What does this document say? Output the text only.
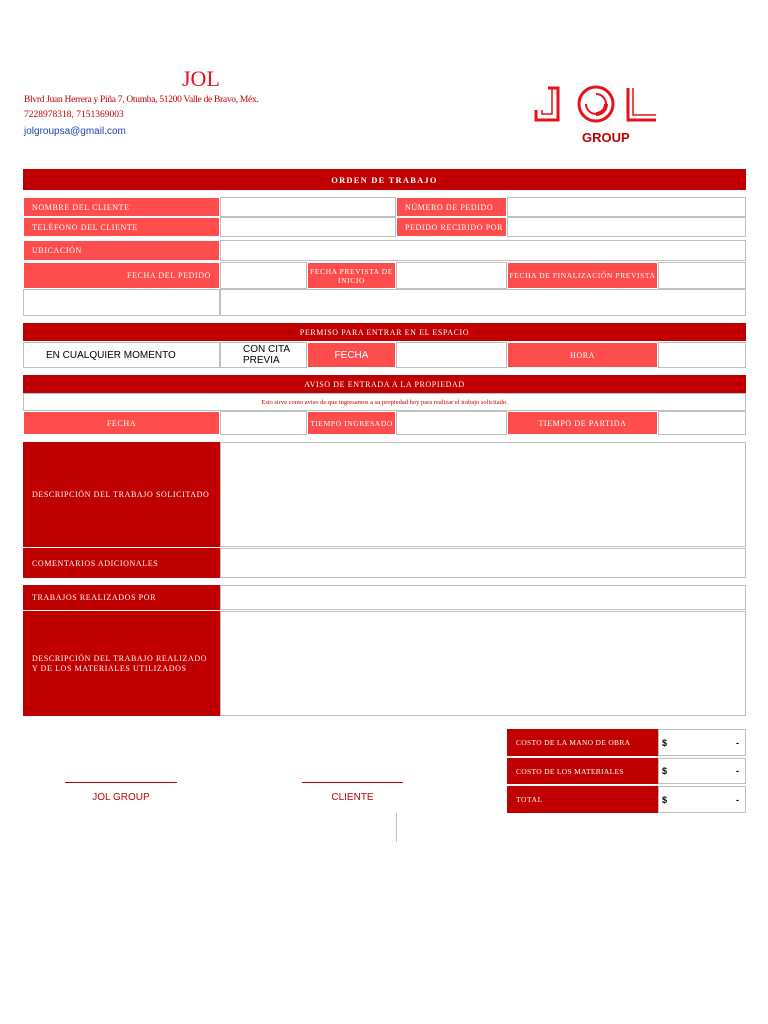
JOL
Blvrd Juan Herrera y Piña 7, Otumba, 51200 Valle de Bravo, Méx.
7228978318, 7151369003
jolgroupsa@gmail.com	GROUP
ORDEN DE TRABAJO
NOMBRE DEL CLIENTE	NÚMERO DE PEDIDO
TELÉFONO DEL CLIENTE	PEDIDO RECIBIDO POR
UBICACIÓN
FECHA DEL PEDIDO	FECHA PREVISTA DE INICIO	FECHA DE FINALIZACIÓN PREVISTA
PERMISO PARA ENTRAR EN EL ESPACIO
EN CUALQUIER MOMENTO	CON CITA PREVIA	FECHA	HORA
AVISO DE ENTRADA A LA PROPIEDAD
Esto sirve como aviso de que ingresamos a su propiedad hoy para realizar el trabajo solicitado.
FECHA	TIEMPO INGRESADO	TIEMPO DE PARTIDA
DESCRIPCIÓN DEL TRABAJO SOLICITADO
COMENTARIOS ADICIONALES
TRABAJOS REALIZADOS POR
DESCRIPCIÓN DEL TRABAJO REALIZADO Y DE LOS MATERIALES UTILIZADOS
JOL GROUP	CLIENTE
COSTO DE LA MANO DE OBRA	$	-
COSTO DE LOS MATERIALES	$	-
TOTAL	$	-
